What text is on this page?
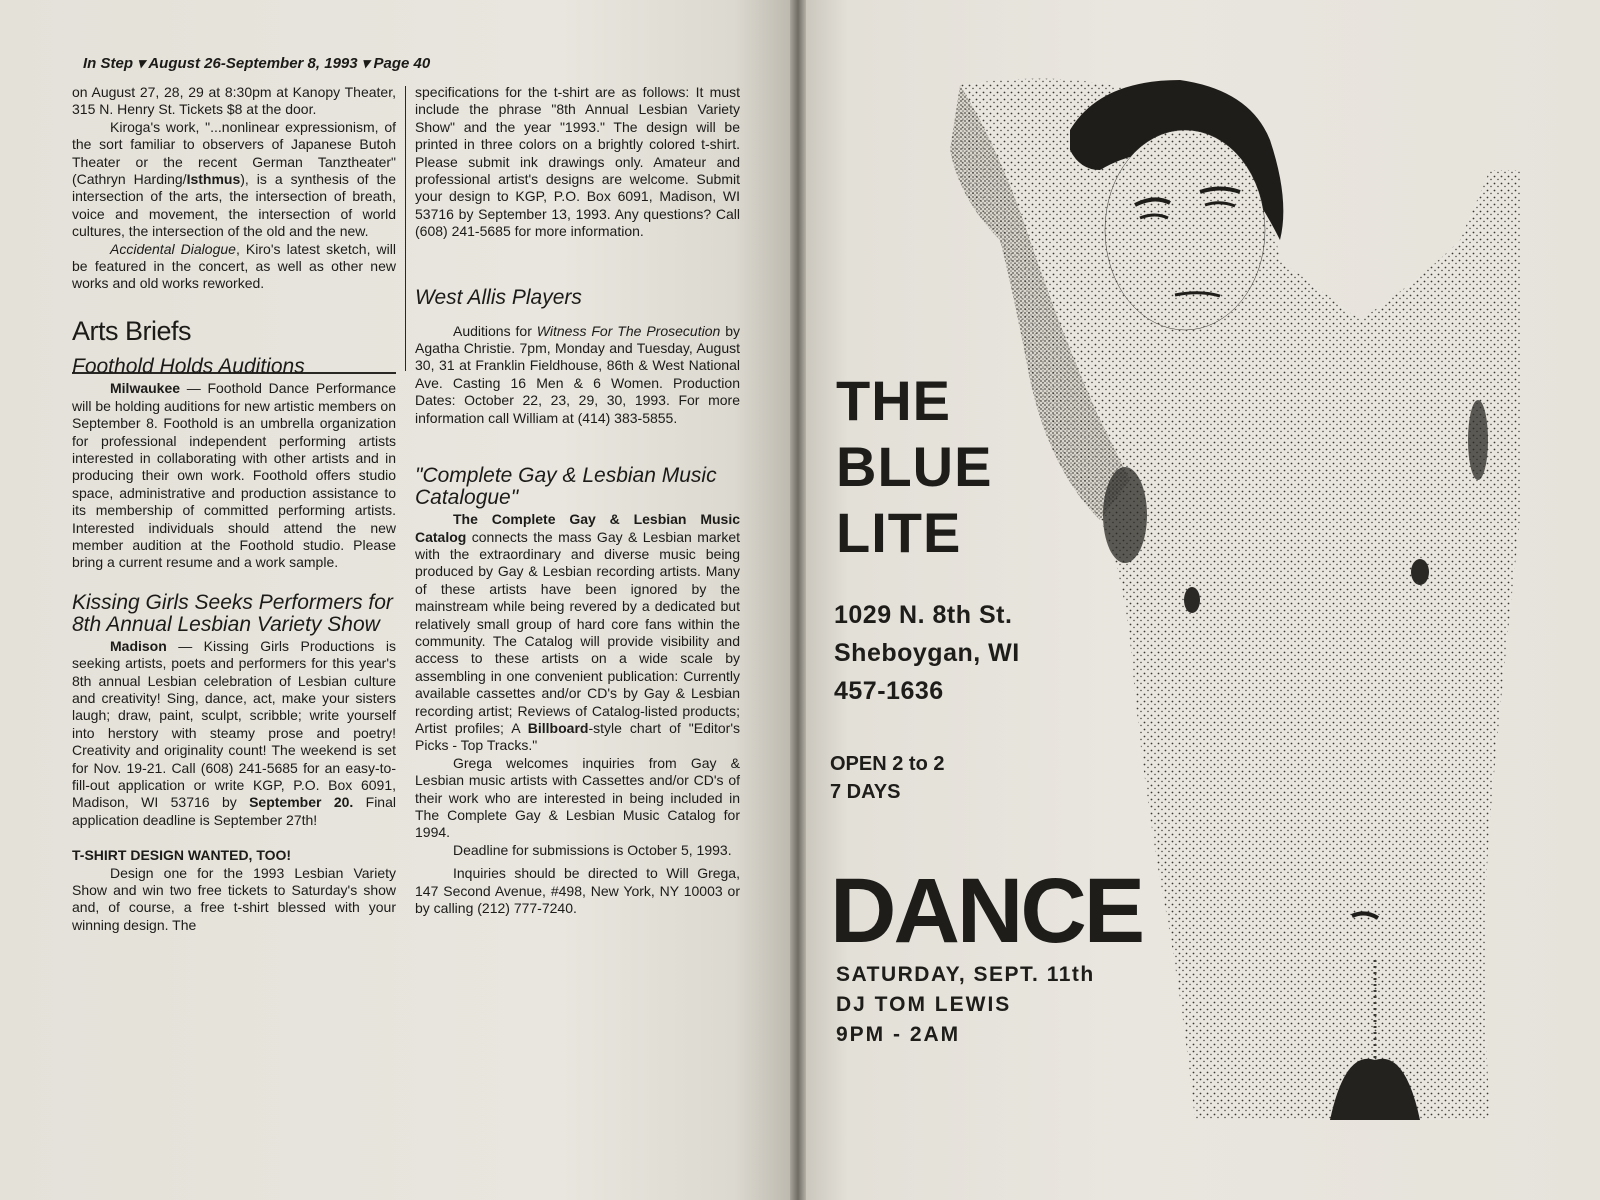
In Step ▾ August 26-September 8, 1993 ▾ Page 40

on August 27, 28, 29 at 8:30pm at Kanopy Theater, 315 N. Henry St. Tickets $8 at the door.

Kiroga's work, "...nonlinear expressionism, of the sort familiar to observers of Japanese Butoh Theater or the recent German Tanztheater" (Cathryn Harding/Isthmus), is a synthesis of the intersection of the arts, the intersection of breath, voice and movement, the intersection of world cultures, the intersection of the old and the new.

Accidental Dialogue, Kiro's latest sketch, will be featured in the concert, as well as other new works and old works reworked.

Arts Briefs
Foothold Holds Auditions

Milwaukee — Foothold Dance Performance will be holding auditions for new artistic members on September 8. Foothold is an umbrella organization for professional independent performing artists interested in collaborating with other artists and in producing their own work. Foothold offers studio space, administrative and production assistance to its membership of committed performing artists. Interested individuals should attend the new member audition at the Foothold studio. Please bring a current resume and a work sample.

Kissing Girls Seeks Performers for 8th Annual Lesbian Variety Show

Madison — Kissing Girls Productions is seeking artists, poets and performers for this year's 8th annual Lesbian celebration of Lesbian culture and creativity! Sing, dance, act, make your sisters laugh; draw, paint, sculpt, scribble; write yourself into herstory with steamy prose and poetry! Creativity and originality count! The weekend is set for Nov. 19-21. Call (608) 241-5685 for an easy-to-fill-out application or write KGP, P.O. Box 6091, Madison, WI 53716 by September 20. Final application deadline is September 27th!

T-SHIRT DESIGN WANTED, TOO!

Design one for the 1993 Lesbian Variety Show and win two free tickets to Saturday's show and, of course, a free t-shirt blessed with your winning design. The

specifications for the t-shirt are as follows: It must include the phrase "8th Annual Lesbian Variety Show" and the year "1993." The design will be printed in three colors on a brightly colored t-shirt. Please submit ink drawings only. Amateur and professional artist's designs are welcome. Submit your design to KGP, P.O. Box 6091, Madison, WI 53716 by September 13, 1993. Any questions? Call (608) 241-5685 for more information.

West Allis Players

Auditions for Witness For The Prosecution by Agatha Christie. 7pm, Monday and Tuesday, August 30, 31 at Franklin Fieldhouse, 86th & West National Ave. Casting 16 Men & 6 Women. Production Dates: October 22, 23, 29, 30, 1993. For more information call William at (414) 383-5855.

"Complete Gay & Lesbian Music Catalogue"

The Complete Gay & Lesbian Music Catalog connects the mass Gay & Lesbian market with the extraordinary and diverse music being produced by Gay & Lesbian recording artists. Many of these artists have been ignored by the mainstream while being revered by a dedicated but relatively small group of hard core fans within the community. The Catalog will provide visibility and access to these artists on a wide scale by assembling in one convenient publication: Currently available cassettes and/or CD's by Gay & Lesbian recording artist; Reviews of Catalog-listed products; Artist profiles; A Billboard-style chart of "Editor's Picks - Top Tracks."

Grega welcomes inquiries from Gay & Lesbian music artists with Cassettes and/or CD's of their work who are interested in being included in The Complete Gay & Lesbian Music Catalog for 1994.

Deadline for submissions is October 5, 1993.

Inquiries should be directed to Will Grega, 147 Second Avenue, #498, New York, NY 10003 or by calling (212) 777-7240.

THE
BLUE
LITE
1029 N. 8th St.
Sheboygan, WI
457-1636
OPEN 2 to 2
7 DAYS
DANCE
SATURDAY, SEPT. 11th
DJ TOM LEWIS
9PM - 2AM
